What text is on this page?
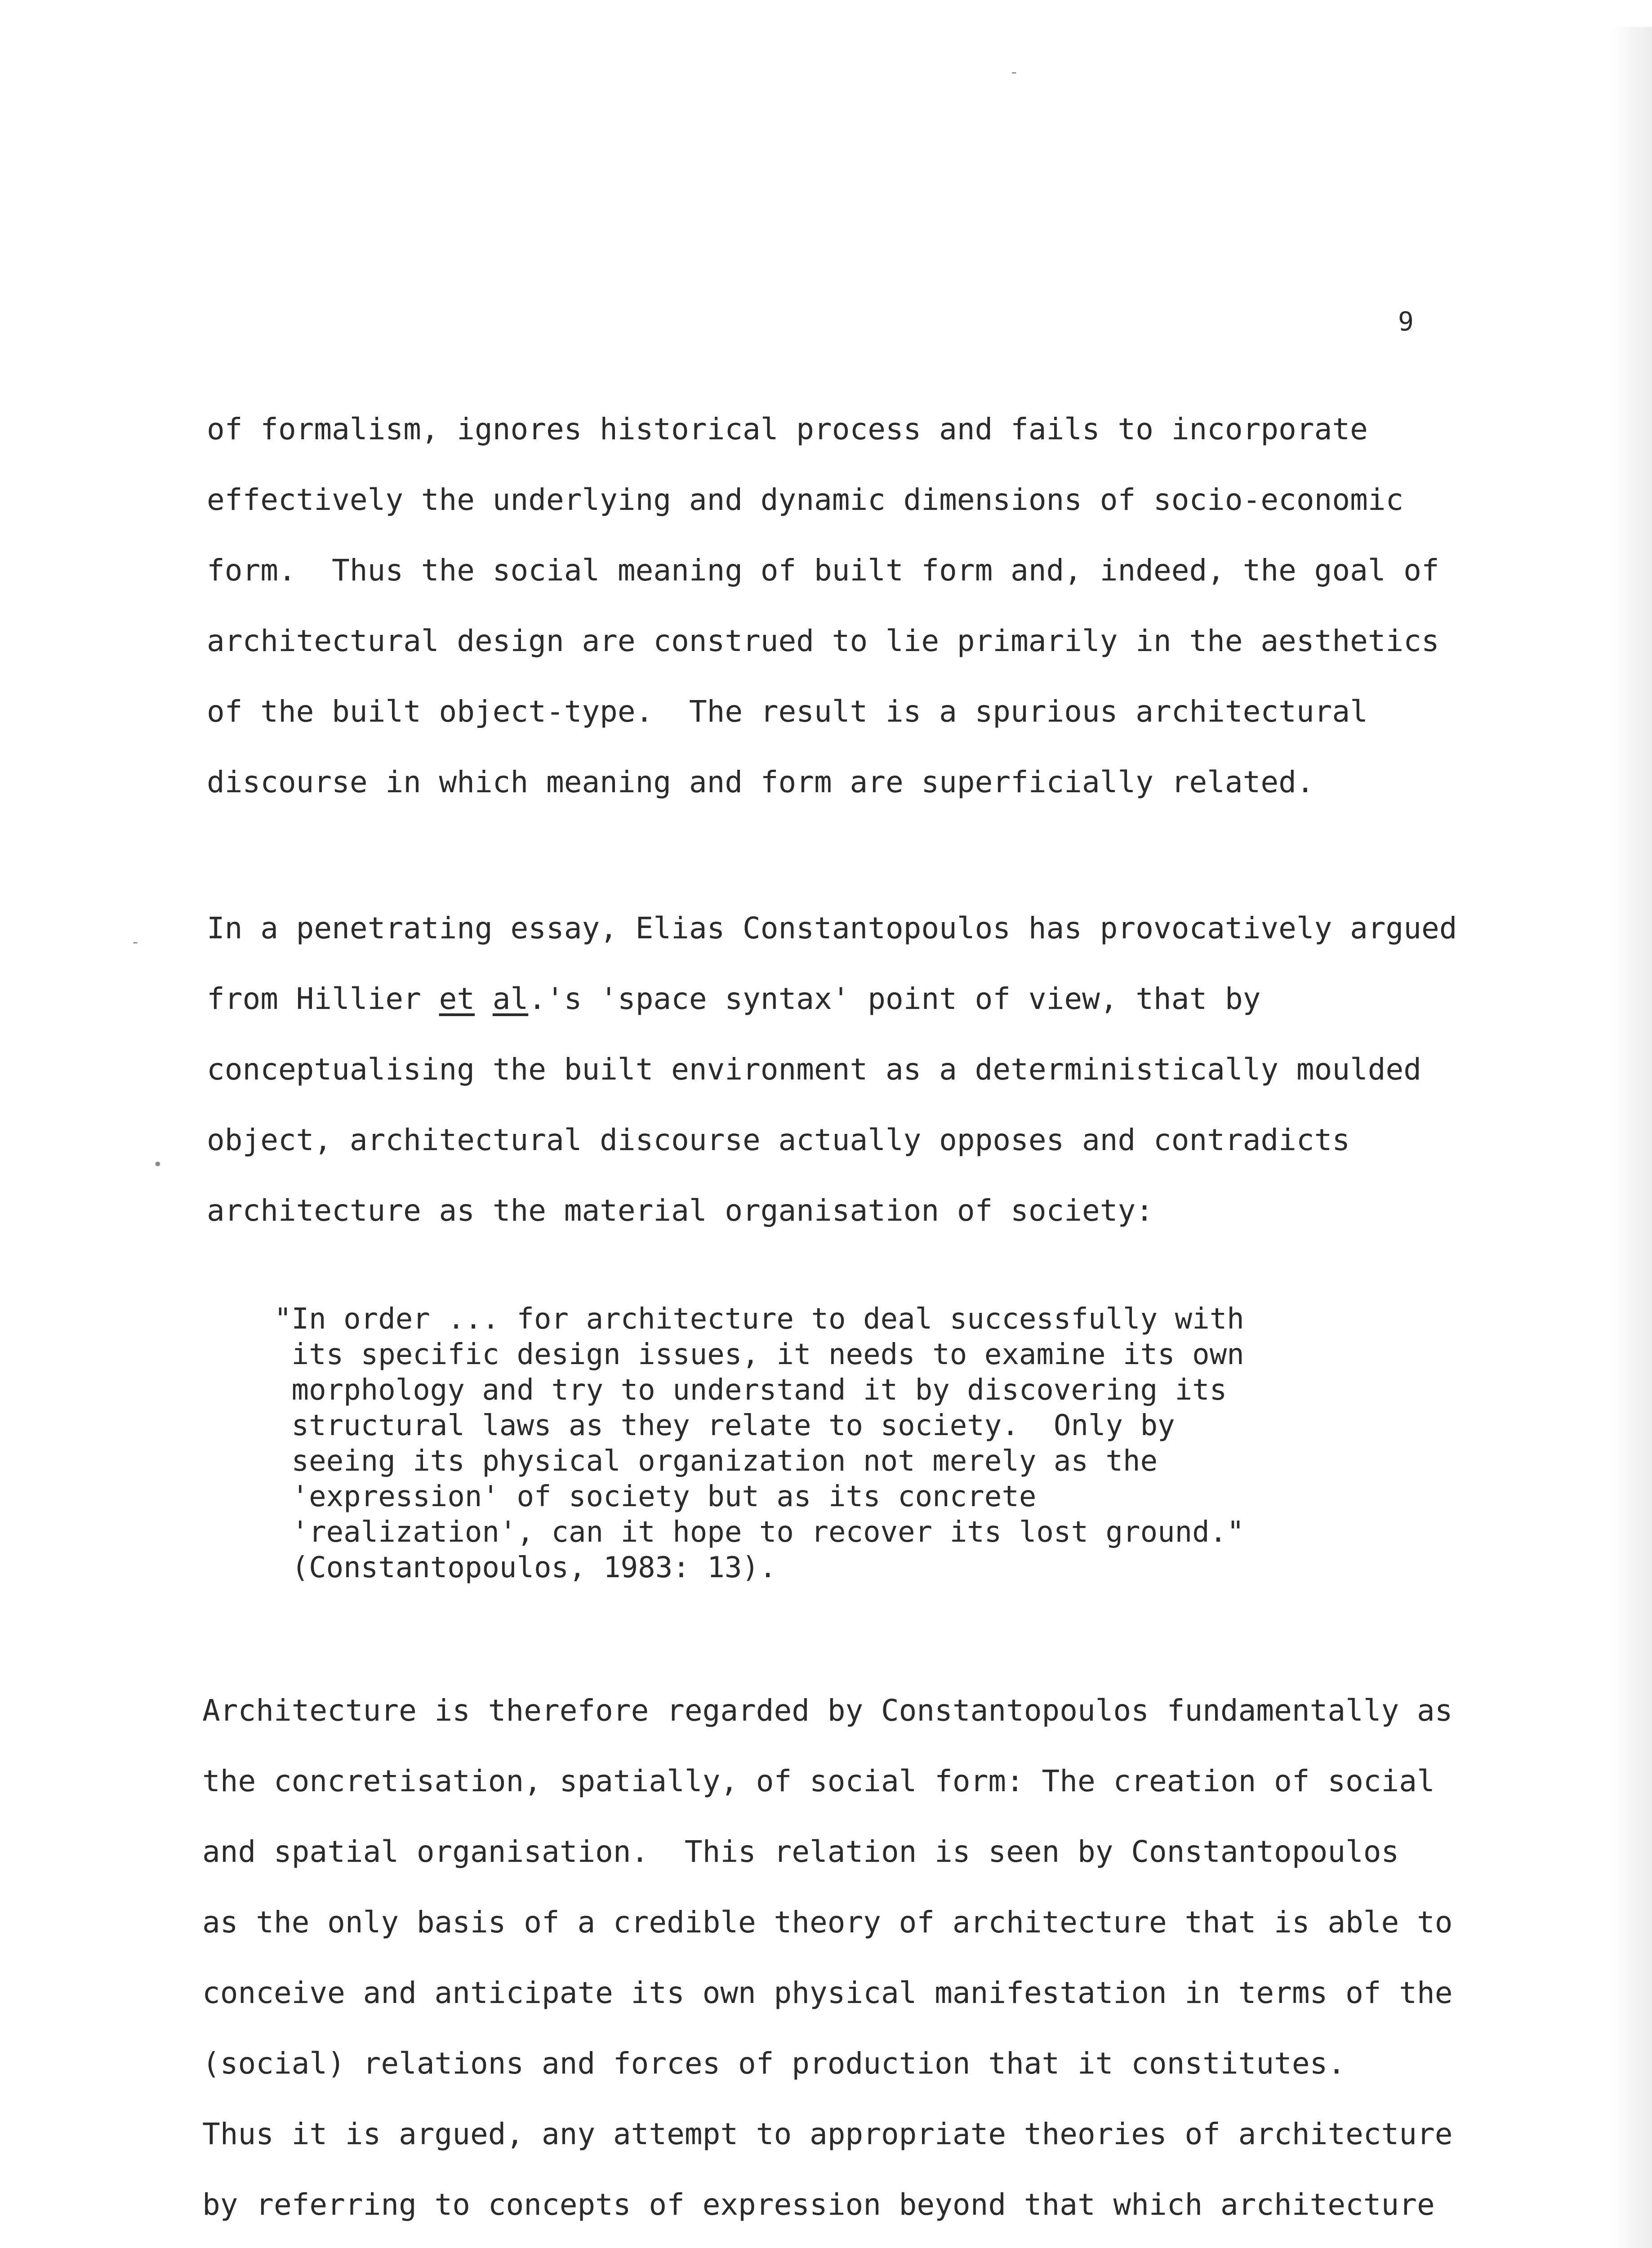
-
-
•
9
of formalism, ignores historical process and fails to incorporate
effectively the underlying and dynamic dimensions of socio-economic
form.  Thus the social meaning of built form and, indeed, the goal of
architectural design are construed to lie primarily in the aesthetics
of the built object-type.  The result is a spurious architectural
discourse in which meaning and form are superficially related.
In a penetrating essay, Elias Constantopoulos has provocatively argued
from Hillier et al.'s 'space syntax' point of view, that by
conceptualising the built environment as a deterministically moulded
object, architectural discourse actually opposes and contradicts
architecture as the material organisation of society:
"In order ... for architecture to deal successfully with
its specific design issues, it needs to examine its own
morphology and try to understand it by discovering its
structural laws as they relate to society.  Only by
seeing its physical organization not merely as the
'expression' of society but as its concrete
'realization', can it hope to recover its lost ground."
(Constantopoulos, 1983: 13).
Architecture is therefore regarded by Constantopoulos fundamentally as
the concretisation, spatially, of social form: The creation of social
and spatial organisation.  This relation is seen by Constantopoulos
as the only basis of a credible theory of architecture that is able to
conceive and anticipate its own physical manifestation in terms of the
(social) relations and forces of production that it constitutes.
Thus it is argued, any attempt to appropriate theories of architecture
by referring to concepts of expression beyond that which architecture
